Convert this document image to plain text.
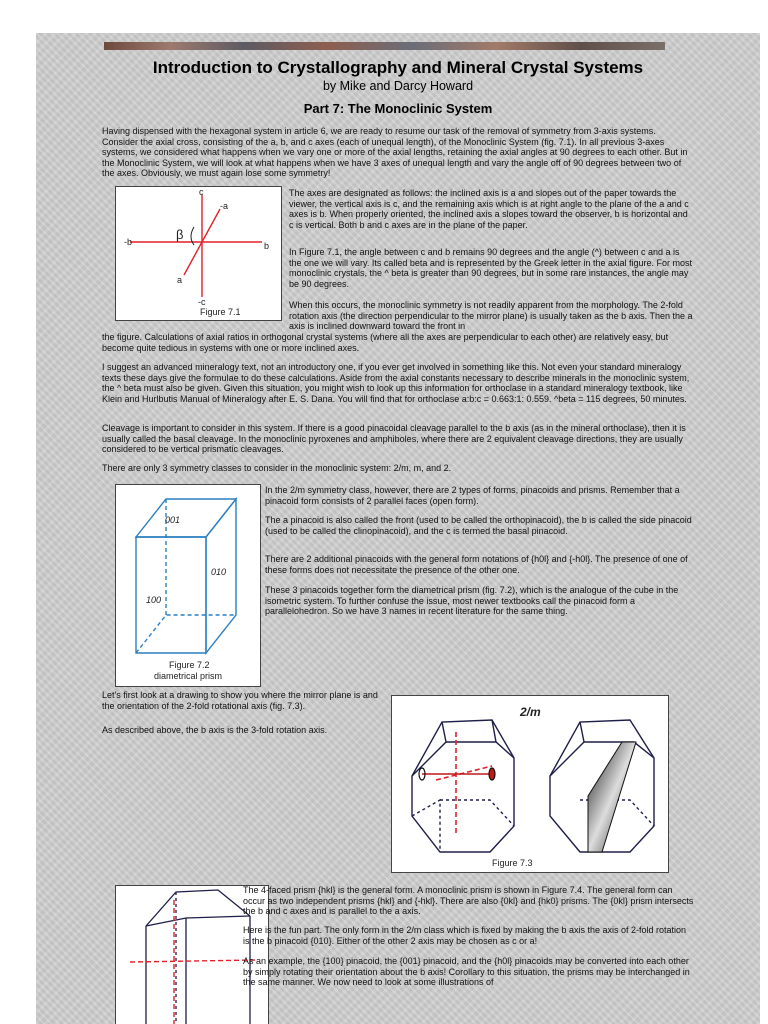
Introduction to Crystallography and Mineral Crystal Systems
by Mike and Darcy Howard
Part 7: The Monoclinic System

Having dispensed with the hexagonal system in article 6, we are ready to resume our task of the removal of symmetry from 3-axis systems. Consider the axial cross, consisting of the a, b, and c axes (each of unequal length), of the Monoclinic System (fig. 7.1). In all previous 3-axes systems, we considered what happens when we vary one or more of the axial lengths, retaining the axial angles at 90 degrees to each other. But in the Monoclinic System, we will look at what happens when we have 3 axes of unequal length and vary the angle off of 90 degrees between two of the axes. Obviously, we must again lose some symmetry!

c
-a
β
-b	b
a
-c
Figure 7.1

The axes are designated as follows: the inclined axis is a and slopes out of the paper towards the viewer, the vertical axis is c, and the remaining axis which is at right angle to the plane of the a and c axes is b. When properly oriented, the inclined axis a slopes toward the observer, b is horizontal and c is vertical. Both b and c axes are in the plane of the paper.

In Figure 7.1, the angle between c and b remains 90 degrees and the angle (^) between c and a is the one we will vary. Its called beta and is represented by the Greek letter in the axial figure. For most monoclinic crystals, the ^ beta is greater than 90 degrees, but in some rare instances, the angle may be 90 degrees.

When this occurs, the monoclinic symmetry is not readily apparent from the morphology. The 2-fold rotation axis (the direction perpendicular to the mirror plane) is usually taken as the b axis. Then the a axis is inclined downward toward the front in

the figure. Calculations of axial ratios in orthogonal crystal systems (where all the axes are perpendicular to each other) are relatively easy, but become quite tedious in systems with one or more inclined axes.

I suggest an advanced mineralogy text, not an introductory one, if you ever get involved in something like this. Not even your standard mineralogy texts these days give the formulae to do these calculations. Aside from the axial constants necessary to describe minerals in the monoclinic system, the ^ beta must also be given. Given this situation, you might wish to look up this information for orthoclase in a standard mineralogy textbook, like Klein and Hurlbutis Manual of Mineralogy after E. S. Dana. You will find that for orthoclase a:b:c = 0.663:1: 0.559. ^beta = 115 degrees, 50 minutes.

Cleavage is important to consider in this system. If there is a good pinacoidal cleavage parallel to the b axis (as in the mineral orthoclase), then it is usually called the basal cleavage. In the monoclinic pyroxenes and amphiboles, where there are 2 equivalent cleavage directions, they are usually considered to be vertical prismatic cleavages.

There are only 3 symmetry classes to consider in the monoclinic system: 2/m, m, and 2.

001
010
100
Figure 7.2
diametrical prism

In the 2/m symmetry class, however, there are 2 types of forms, pinacoids and prisms. Remember that a pinacoid form consists of 2 parallel faces (open form).

The a pinacoid is also called the front (used to be called the orthopinacoid), the b is called the side pinacoid (used to be called the clinopinacoid), and the c is termed the basal pinacoid.

There are 2 additional pinacoids with the general form notations of {h0l} and {-h0l}. The presence of one of these forms does not necessitate the presence of the other one.

These 3 pinacoids together form the diametrical prism (fig. 7.2), which is the analogue of the cube in the isometric system. To further confuse the issue, most newer textbooks call the pinacoid form a parallelohedron. So we have 3 names in recent literature for the same thing.

Let's first look at a drawing to show you where the mirror plane is and the orientation of the 2-fold rotational axis (fig. 7.3).

As described above, the b axis is the 3-fold rotation axis.

2/m
Figure 7.3

The 4-faced prism {hkl} is the general form. A monoclinic prism is shown in Figure 7.4. The general form can occur as two independent prisms {hkl} and {-hkl}. There are also {0kl} and {hk0} prisms. The {0kl} prism intersects the b and c axes and is parallel to the a axis.

Here is the fun part. The only form in the 2/m class which is fixed by making the b axis the axis of 2-fold rotation is the b pinacoid {010}. Either of the other 2 axis may be chosen as c or a!

As an example, the {100} pinacoid, the {001} pinacoid, and the {h0l} pinacoids may be converted into each other by simply rotating their orientation about the b axis! Corollary to this situation, the prisms may be interchanged in the same manner. We now need to look at some illustrations of
